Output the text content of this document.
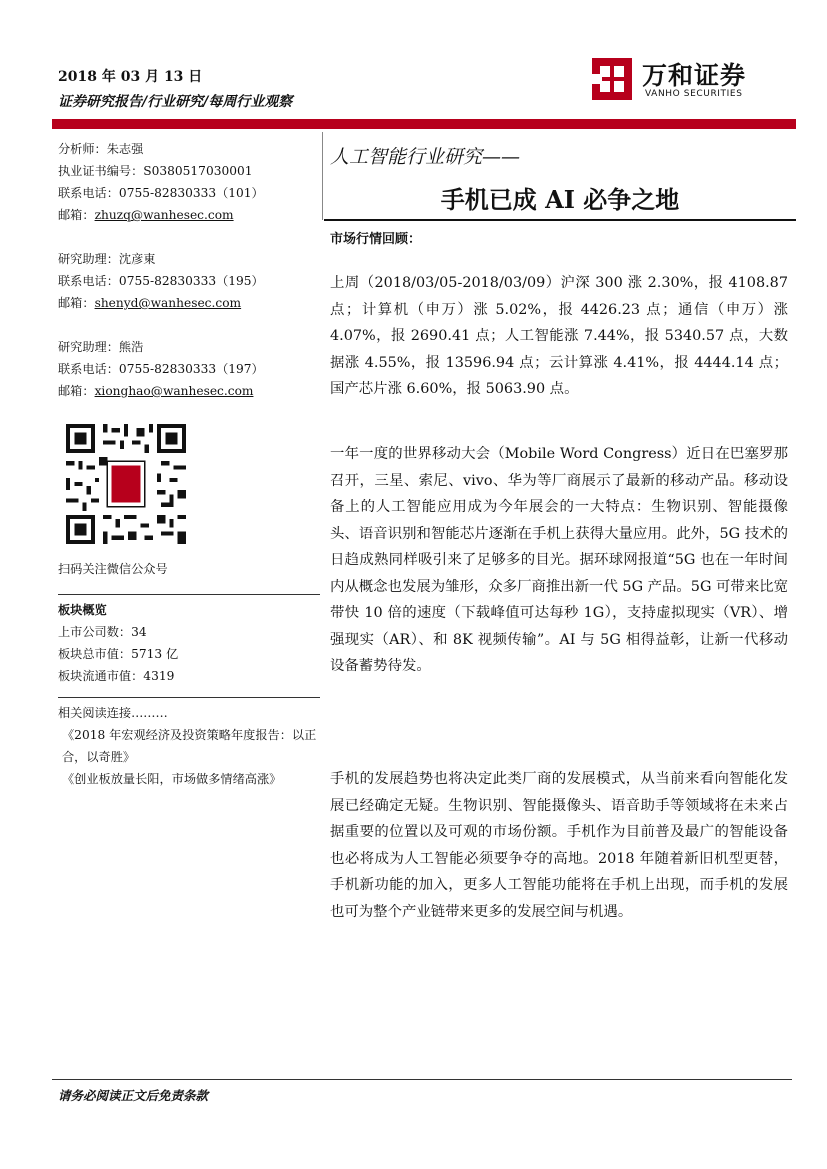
2018 年 03 月 13 日
证券研究报告/行业研究/每周行业观察
万和证券
VANHO SECURITIES
分析师：朱志强
执业证书编号：S0380517030001
联系电话：0755-82830333（101）
邮箱：zhuzq@wanhesec.com
研究助理：沈彦東
联系电话：0755-82830333（195）
邮箱：shenyd@wanhesec.com
研究助理：熊浩
联系电话：0755-82830333（197）
邮箱：xionghao@wanhesec.com
扫码关注微信公众号
板块概览
上市公司数：34
板块总市值：5713 亿
板块流通市值：4319
相关阅读连接………
《2018 年宏观经济及投资策略年度报告：以正合，以奇胜》
《创业板放量长阳，市场做多情绪高涨》
人工智能行业研究——
手机已成 AI 必争之地
市场行情回顾：
上周（2018/03/05-2018/03/09）沪深 300 涨 2.30%，报 4108.87 点；计算机（申万）涨 5.02%，报 4426.23 点；通信（申万）涨 4.07%，报 2690.41 点；人工智能涨 7.44%，报 5340.57 点，大数据涨 4.55%，报 13596.94 点；云计算涨 4.41%，报 4444.14 点；国产芯片涨 6.60%，报 5063.90 点。
一年一度的世界移动大会（Mobile Word Congress）近日在巴塞罗那召开，三星、索尼、vivo、华为等厂商展示了最新的移动产品。移动设备上的人工智能应用成为今年展会的一大特点：生物识别、智能摄像头、语音识别和智能芯片逐渐在手机上获得大量应用。此外，5G 技术的日趋成熟同样吸引来了足够多的目光。据环球网报道“5G 也在一年时间内从概念也发展为雏形，众多厂商推出新一代 5G 产品。5G 可带来比宽带快 10 倍的速度（下载峰值可达每秒 1G），支持虚拟现实（VR）、增强现实（AR）、和 8K 视频传输”。AI 与 5G 相得益彰，让新一代移动设备蓄势待发。
手机的发展趋势也将决定此类厂商的发展模式，从当前来看向智能化发展已经确定无疑。生物识别、智能摄像头、语音助手等领域将在未来占据重要的位置以及可观的市场份额。手机作为目前普及最广的智能设备也必将成为人工智能必须要争夺的高地。2018 年随着新旧机型更替，手机新功能的加入，更多人工智能功能将在手机上出现，而手机的发展也可为整个产业链带来更多的发展空间与机遇。
请务必阅读正文后免责条款
